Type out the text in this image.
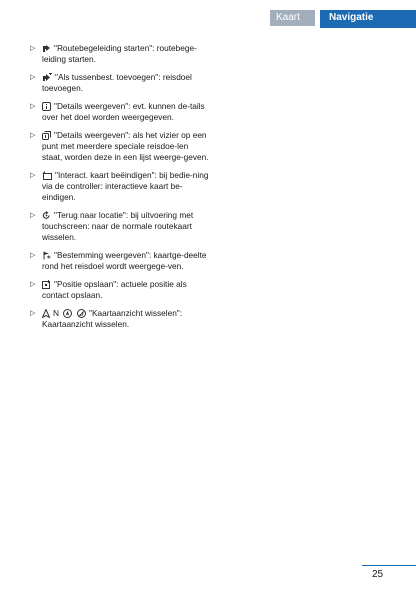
Kaart	Navigatie
▷ "Routebegeleiding starten": routebege-leiding starten.
▷ "Als tussenbest. toevoegen": reisdoel toevoegen.
▷ "Details weergeven": evt. kunnen de-tails over het doel worden weergegeven.
▷ "Details weergeven": als het vizier op een punt met meerdere speciale reisdoe-len staat, worden deze in een lijst weerge-geven.
▷ "Interact. kaart beëindigen": bij bedie-ning via de controller: interactieve kaart be-eindigen.
▷ "Terug naar locatie": bij uitvoering met touchscreen: naar de normale routekaart wisselen.
▷ "Bestemming weergeven": kaartge-deelte rond het reisdoel wordt weergege-ven.
▷ "Positie opslaan": actuele positie als contact opslaan.
▷ N	"Kaartaanzicht wisselen": Kaartaanzicht wisselen.
25
